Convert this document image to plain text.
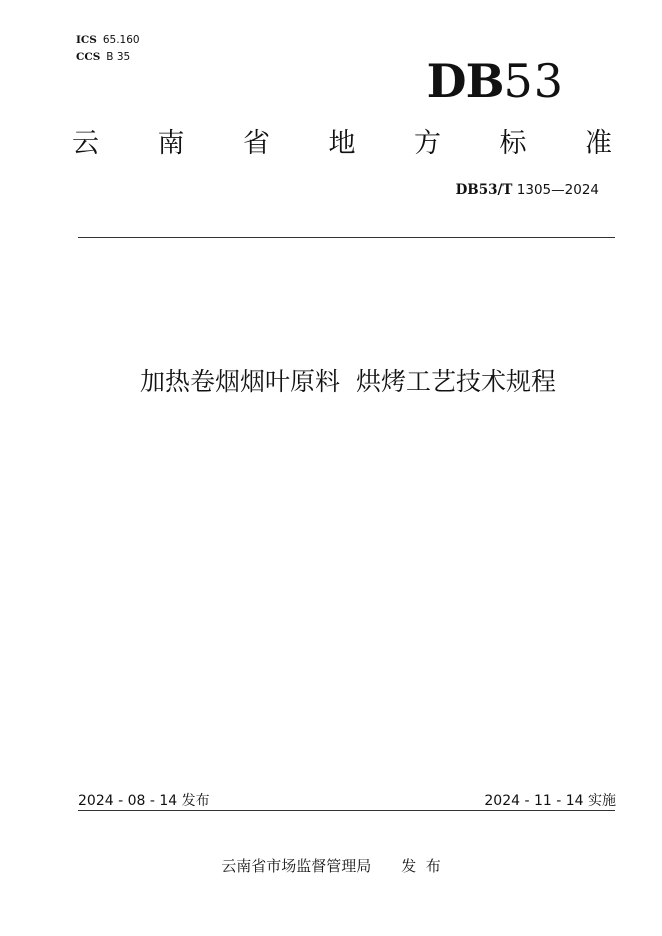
ICS 65.160
CCS B 35	DB53
云 南 省 地 方 标 准
DB53/T 1305—2024
加热卷烟烟叶原料  烘烤工艺技术规程
2024 - 08 - 14 发布	2024 - 11 - 14 实施
云南省市场监督管理局 发  布
